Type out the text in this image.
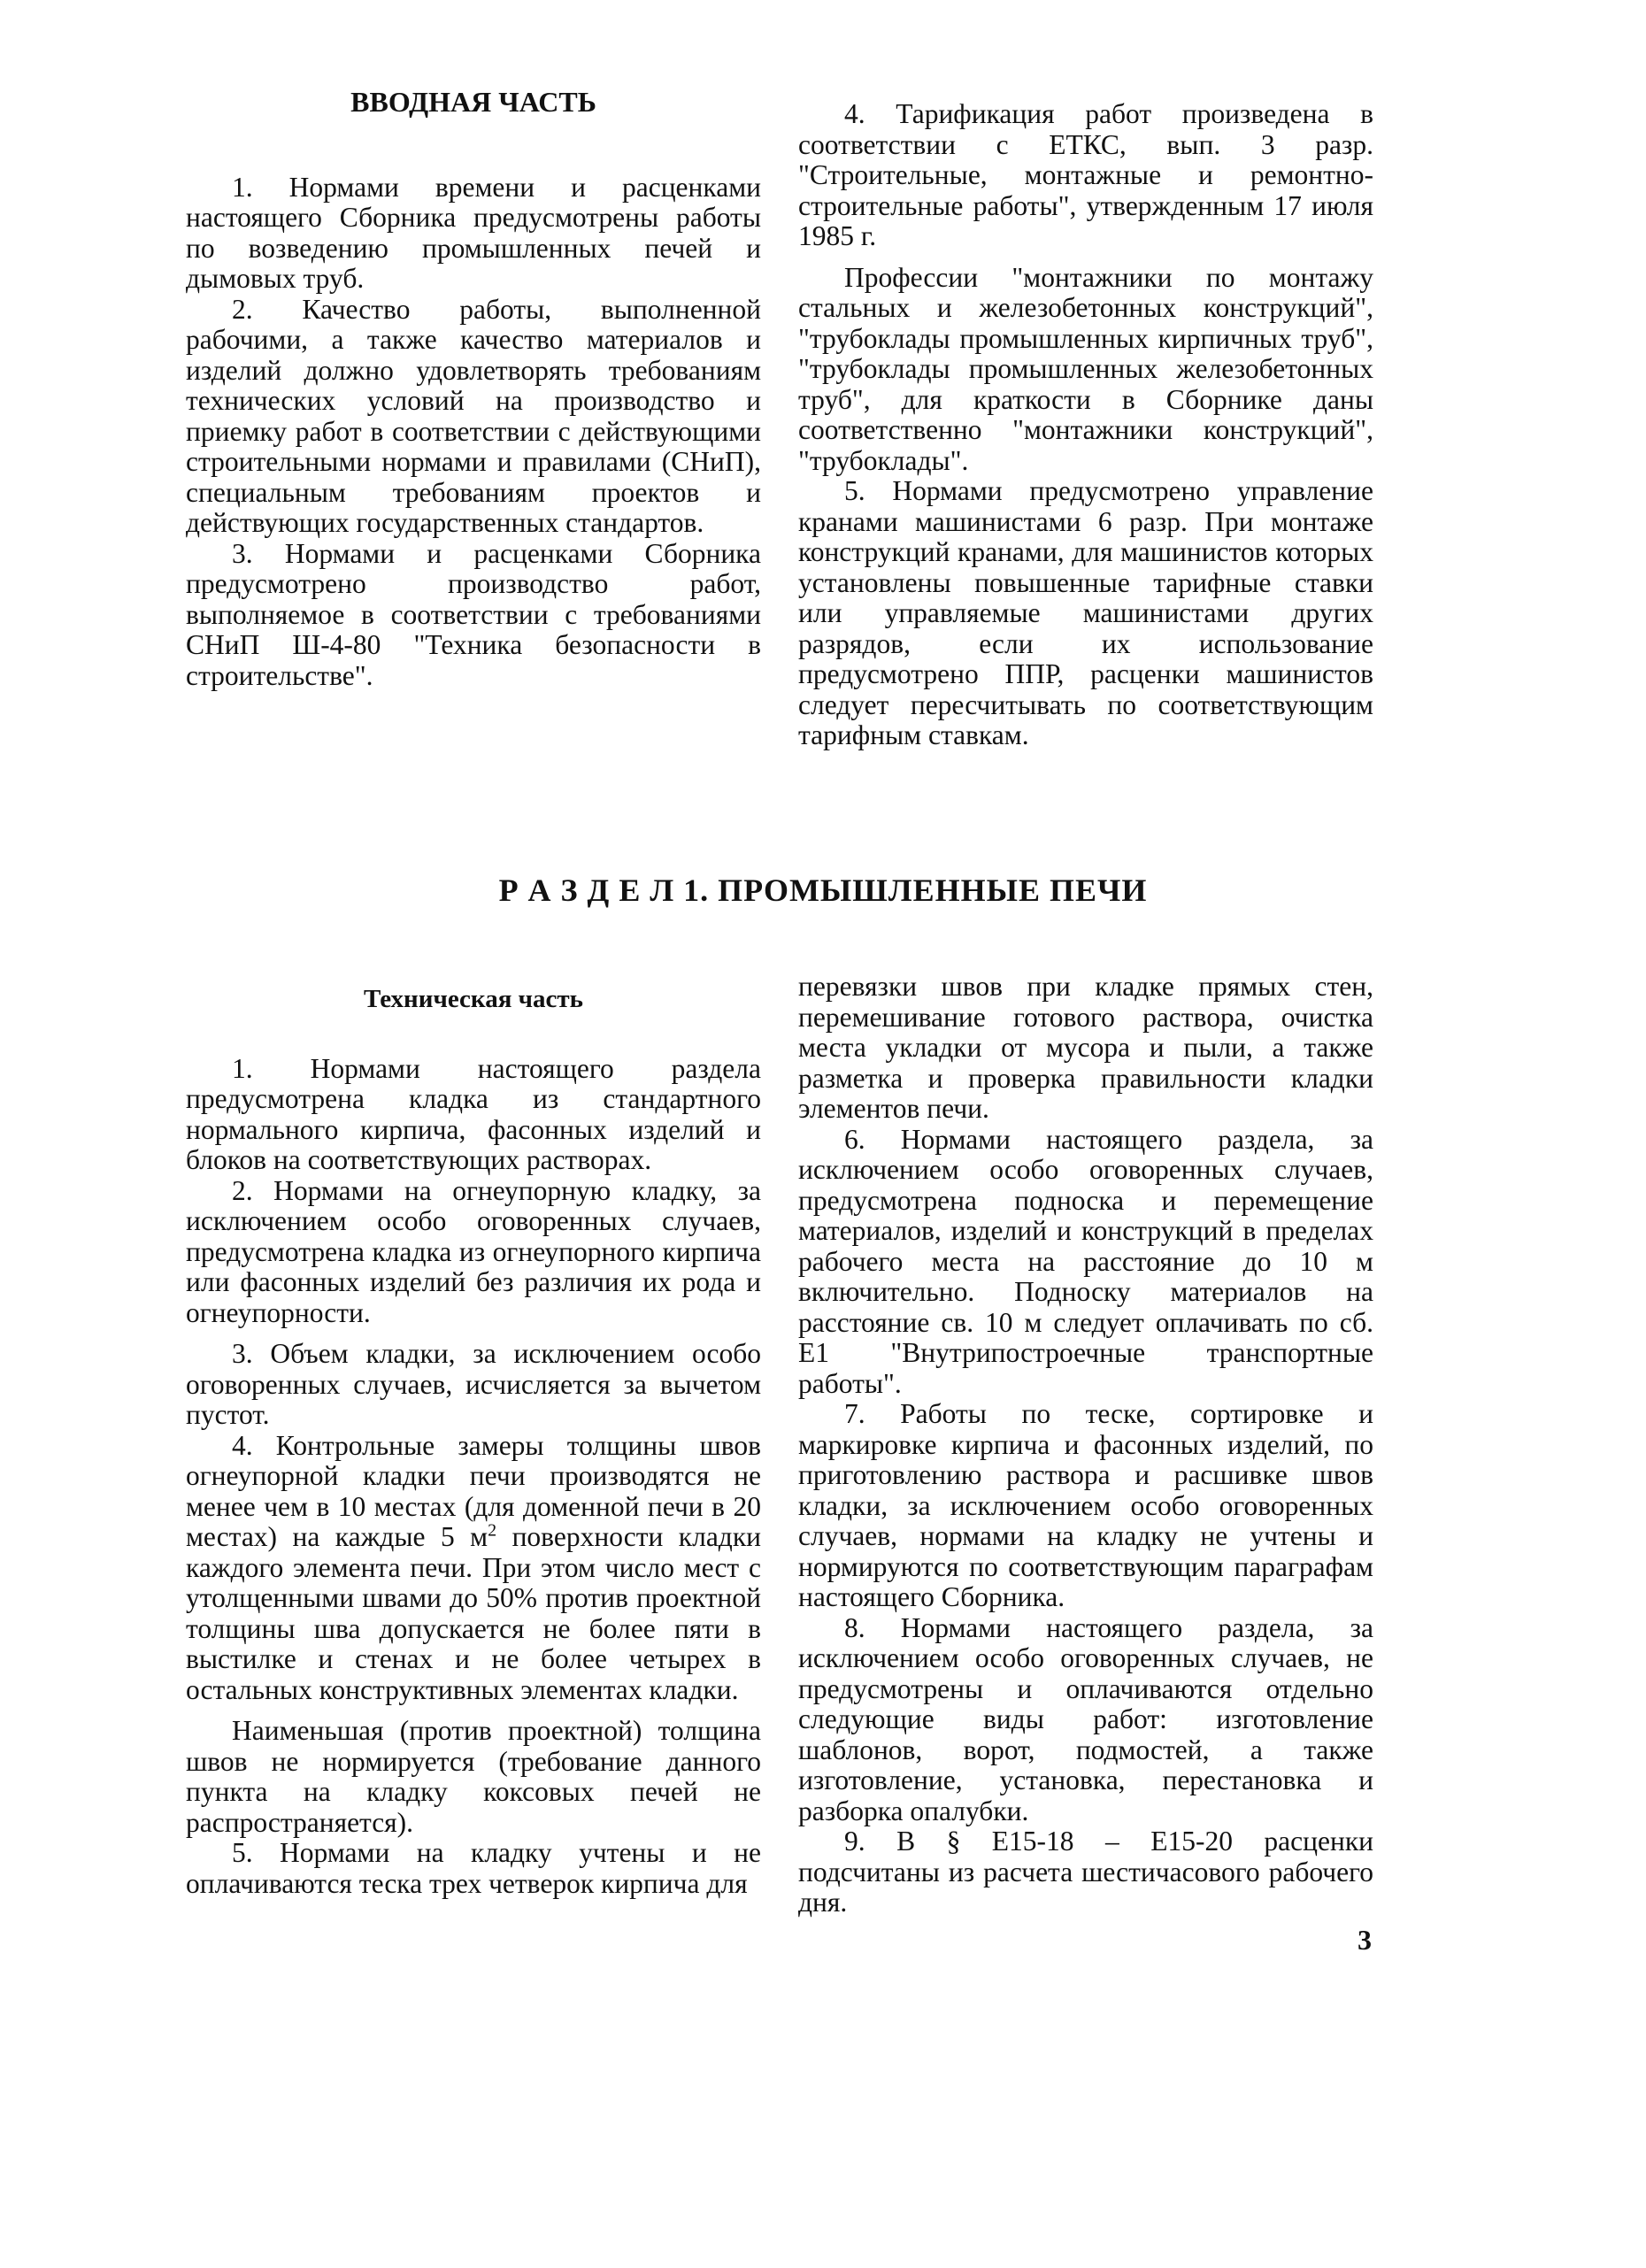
ВВОДНАЯ ЧАСТЬ

1. Нормами времени и расценками настоящего Сборника предусмотрены работы по возведению промышленных печей и дымовых труб.

2. Качество работы, выполненной рабочими, а также качество материалов и изделий должно удовлетворять требованиям технических условий на производство и приемку работ в соответствии с действующими строительными нормами и правилами (СНиП), специальным требованиям проектов и действующих государственных стандартов.

3. Нормами и расценками Сборника предусмотрено производство работ, выполняемое в соответствии с требованиями СНиП Ш-4-80 "Техника безопасности в строительстве".

4. Тарификация работ произведена в соответствии с ЕТКС, вып. 3 разр. "Строительные, монтажные и ремонтно-строительные работы", утвержденным 17 июля 1985 г.

Профессии "монтажники по монтажу стальных и железобетонных конструкций", "трубоклады промышленных кирпичных труб", "трубоклады промышленных железобетонных труб", для краткости в Сборнике даны соответственно "монтажники конструкций", "трубоклады".

5. Нормами предусмотрено управление кранами машинистами 6 разр. При монтаже конструкций кранами, для машинистов которых установлены повышенные тарифные ставки или управляемые машинистами других разрядов, если их использование предусмотрено ППР, расценки машинистов следует пересчитывать по соответствующим тарифным ставкам.

Р А З Д Е Л 1. ПРОМЫШЛЕННЫЕ ПЕЧИ

Техническая часть

1. Нормами настоящего раздела предусмотрена кладка из стандартного нормального кирпича, фасонных изделий и блоков на соответствующих растворах.

2. Нормами на огнеупорную кладку, за исключением особо оговоренных случаев, предусмотрена кладка из огнеупорного кирпича или фасонных изделий без различия их рода и огнеупорности.

3. Объем кладки, за исключением особо оговоренных случаев, исчисляется за вычетом пустот.

4. Контрольные замеры толщины швов огнеупорной кладки печи производятся не менее чем в 10 местах (для доменной печи в 20 местах) на каждые 5 $м^2$ поверхности кладки каждого элемента печи. При этом число мест с утолщенными швами до 50% против проектной толщины шва допускается не более пяти в выстилке и стенах и не более четырех в остальных конструктивных элементах кладки.

Наименьшая (против проектной) толщина швов не нормируется (требование данного пункта на кладку коксовых печей не распространяется).

5. Нормами на кладку учтены и не оплачиваются теска трех четверок кирпича для

перевязки швов при кладке прямых стен, перемешивание готового раствора, очистка места укладки от мусора и пыли, а также разметка и проверка правильности кладки элементов печи.

6. Нормами настоящего раздела, за исключением особо оговоренных случаев, предусмотрена подноска и перемещение материалов, изделий и конструкций в пределах рабочего места на расстояние до 10 м включительно. Подноску материалов на расстояние св. 10 м следует оплачивать по сб. Е1 "Внутрипостроечные транспортные работы".

7. Работы по теске, сортировке и маркировке кирпича и фасонных изделий, по приготовлению раствора и расшивке швов кладки, за исключением особо оговоренных случаев, нормами на кладку не учтены и нормируются по соответствующим параграфам настоящего Сборника.

8. Нормами настоящего раздела, за исключением особо оговоренных случаев, не предусмотрены и оплачиваются отдельно следующие виды работ: изготовление шаблонов, ворот, подмостей, а также изготовление, установка, перестановка и разборка опалубки.

9. В § Е15-18 – Е15-20 расценки подсчитаны из расчета шестичасового рабочего дня.

3
